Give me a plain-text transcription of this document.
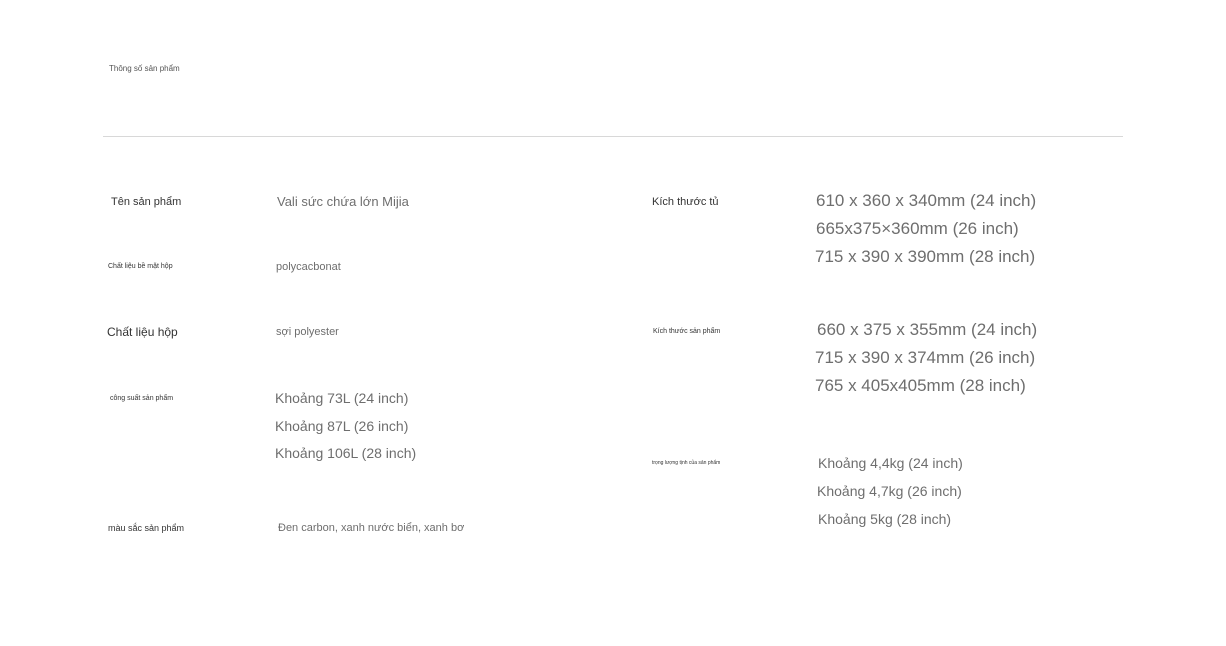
Thông số sản phẩm
Tên sản phẩm	Vali sức chứa lớn Mijia
Chất liệu bề mặt hộp	polycacbonat
Chất liệu hộp	sợi polyester
công suất sản phẩm	Khoảng 73L (24 inch)
Khoảng 87L (26 inch)
Khoảng 106L (28 inch)
màu sắc sản phẩm	Đen carbon, xanh nước biển, xanh bơ
Kích thước tủ	610 x 360 x 340mm (24 inch)
665x375×360mm (26 inch)
715 x 390 x 390mm (28 inch)
Kích thước sản phẩm	660 x 375 x 355mm (24 inch)
715 x 390 x 374mm (26 inch)
765 x 405x405mm (28 inch)
trọng lượng tịnh của sản phẩm	Khoảng 4,4kg (24 inch)
Khoảng 4,7kg (26 inch)
Khoảng 5kg (28 inch)
